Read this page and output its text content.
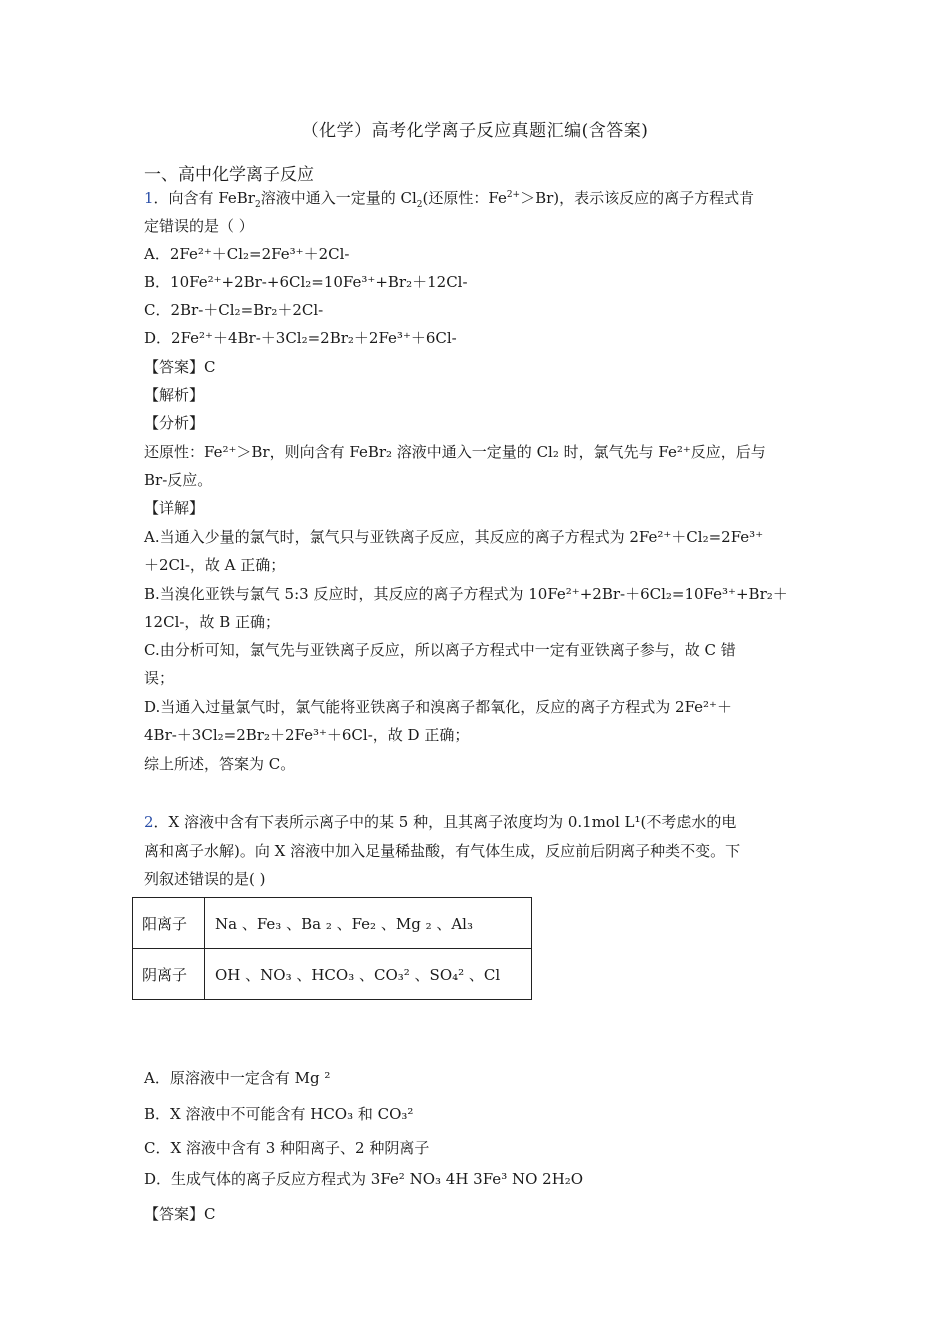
（化学）高考化学离子反应真题汇编(含答案)
一、高中化学离子反应
1．向含有 FeBr$_2$溶液中通入一定量的 $Cl_2$(还原性：$Fe^{2+}>Br$)，表示该反应的离子方程式肯
定错误的是（ ）
A．2Fe²⁺＋Cl₂=2Fe³⁺＋2Cl-
B．10Fe²⁺+2Br-+6Cl₂=10Fe³⁺+Br₂＋12Cl-
C．2Br-＋Cl₂=Br₂＋2Cl-
D．2Fe²⁺＋4Br-＋3Cl₂=2Br₂＋2Fe³⁺＋6Cl-
【答案】C
【解析】
【分析】
还原性：Fe²⁺＞Br，则向含有 FeBr₂ 溶液中通入一定量的 Cl₂ 时，氯气先与 Fe²⁺反应，后与
Br-反应。
【详解】
A.当通入少量的氯气时，氯气只与亚铁离子反应，其反应的离子方程式为 2Fe²⁺＋Cl₂=2Fe³⁺
＋2Cl-，故 A 正确；
B.当溴化亚铁与氯气 5:3 反应时，其反应的离子方程式为 10Fe²⁺+2Br-＋6Cl₂=10Fe³⁺+Br₂＋
12Cl-，故 B 正确；
C.由分析可知，氯气先与亚铁离子反应，所以离子方程式中一定有亚铁离子参与，故 C 错
误；
D.当通入过量氯气时，氯气能将亚铁离子和溴离子都氧化，反应的离子方程式为 2Fe²⁺＋
4Br-＋3Cl₂=2Br₂＋2Fe³⁺＋6Cl-，故 D 正确；
综上所述，答案为 C。
2．X 溶液中含有下表所示离子中的某 5 种，且其离子浓度均为 0.1mol L¹(不考虑水的电
离和离子水解)。向 X 溶液中加入足量稀盐酸，有气体生成，反应前后阴离子种类不变。下
列叙述错误的是( )
阳离子	Na 、Fe₃ 、Ba ₂ 、Fe₂ 、Mg ₂ 、Al₃
阴离子	OH 、NO₃ 、HCO₃ 、CO₃² 、SO₄² 、Cl
A．原溶液中一定含有 Mg ²
B．X 溶液中不可能含有 HCO₃ 和 CO₃²
C．X 溶液中含有 3 种阳离子、2 种阴离子
D．生成气体的离子反应方程式为 3Fe² NO₃ 4H 3Fe³ NO 2H₂O
【答案】C
